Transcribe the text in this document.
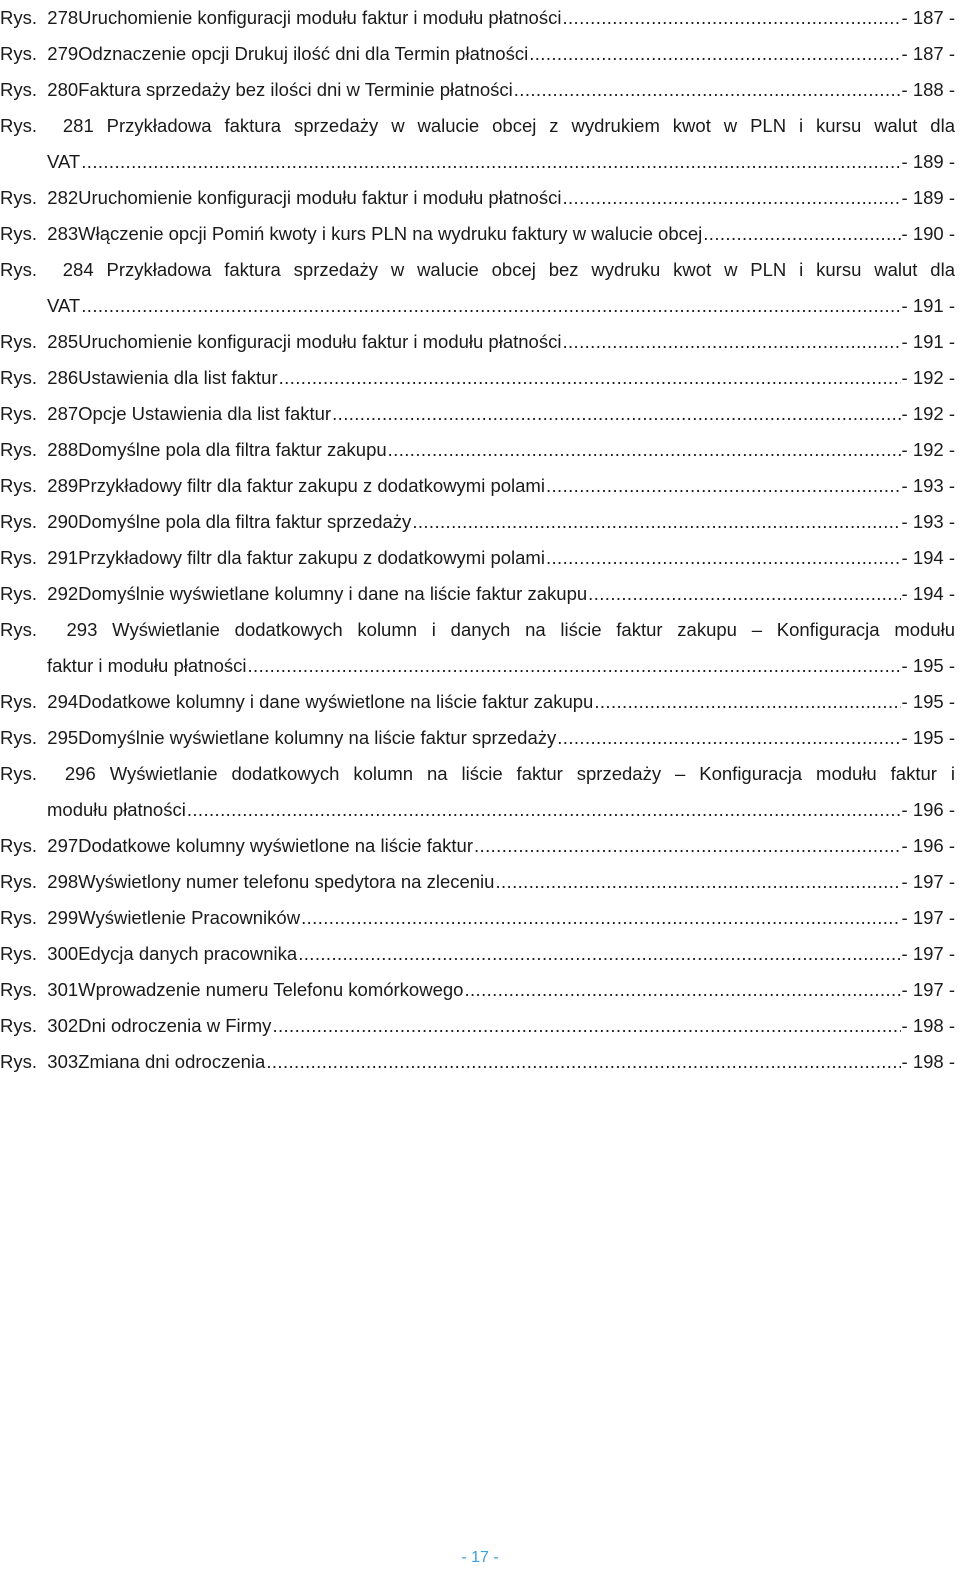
Rys.  278 Uruchomienie konfiguracji modułu faktur i modułu płatności .....	- 187 -
Rys.  279 Odznaczenie opcji Drukuj ilość dni dla Termin płatności .....	- 187 -
Rys.  280 Faktura sprzedaży bez ilości dni w Terminie płatności .....	- 188 -
Rys.  281 Przykładowa faktura sprzedaży w walucie obcej z wydrukiem kwot w PLN i kursu walut dla
VAT .....	- 189 -
Rys.  282 Uruchomienie konfiguracji modułu faktur i modułu płatności .....	- 189 -
Rys.  283 Włączenie opcji Pomiń kwoty i kurs PLN na wydruku faktury w walucie obcej .....	- 190 -
Rys.  284 Przykładowa faktura sprzedaży w walucie obcej bez wydruku kwot w PLN i kursu walut dla
VAT .....	- 191 -
Rys.  285 Uruchomienie konfiguracji modułu faktur i modułu płatności .....	- 191 -
Rys.  286 Ustawienia dla list faktur .....	- 192 -
Rys.  287 Opcje Ustawienia dla list faktur .....	- 192 -
Rys.  288 Domyślne pola dla filtra faktur zakupu .....	- 192 -
Rys.  289 Przykładowy filtr dla faktur zakupu z dodatkowymi polami .....	- 193 -
Rys.  290 Domyślne pola dla filtra faktur sprzedaży .....	- 193 -
Rys.  291 Przykładowy filtr dla faktur zakupu z dodatkowymi polami .....	- 194 -
Rys.  292 Domyślnie wyświetlane kolumny i dane na liście faktur zakupu .....	- 194 -
Rys.  293 Wyświetlanie dodatkowych kolumn i danych na liście faktur zakupu – Konfiguracja modułu
faktur i modułu płatności .....	- 195 -
Rys.  294 Dodatkowe kolumny i dane wyświetlone na liście faktur zakupu .....	- 195 -
Rys.  295 Domyślnie wyświetlane kolumny na liście faktur sprzedaży .....	- 195 -
Rys.  296 Wyświetlanie dodatkowych kolumn na liście faktur sprzedaży – Konfiguracja modułu faktur i
modułu płatności .....	- 196 -
Rys.  297 Dodatkowe kolumny wyświetlone na liście faktur .....	- 196 -
Rys.  298 Wyświetlony numer telefonu spedytora na zleceniu .....	- 197 -
Rys.  299 Wyświetlenie Pracowników .....	- 197 -
Rys.  300 Edycja danych pracownika .....	- 197 -
Rys.  301 Wprowadzenie numeru Telefonu komórkowego .....	- 197 -
Rys.  302 Dni odroczenia w Firmy .....	- 198 -
Rys.  303 Zmiana dni odroczenia .....	- 198 -
- 17 -
